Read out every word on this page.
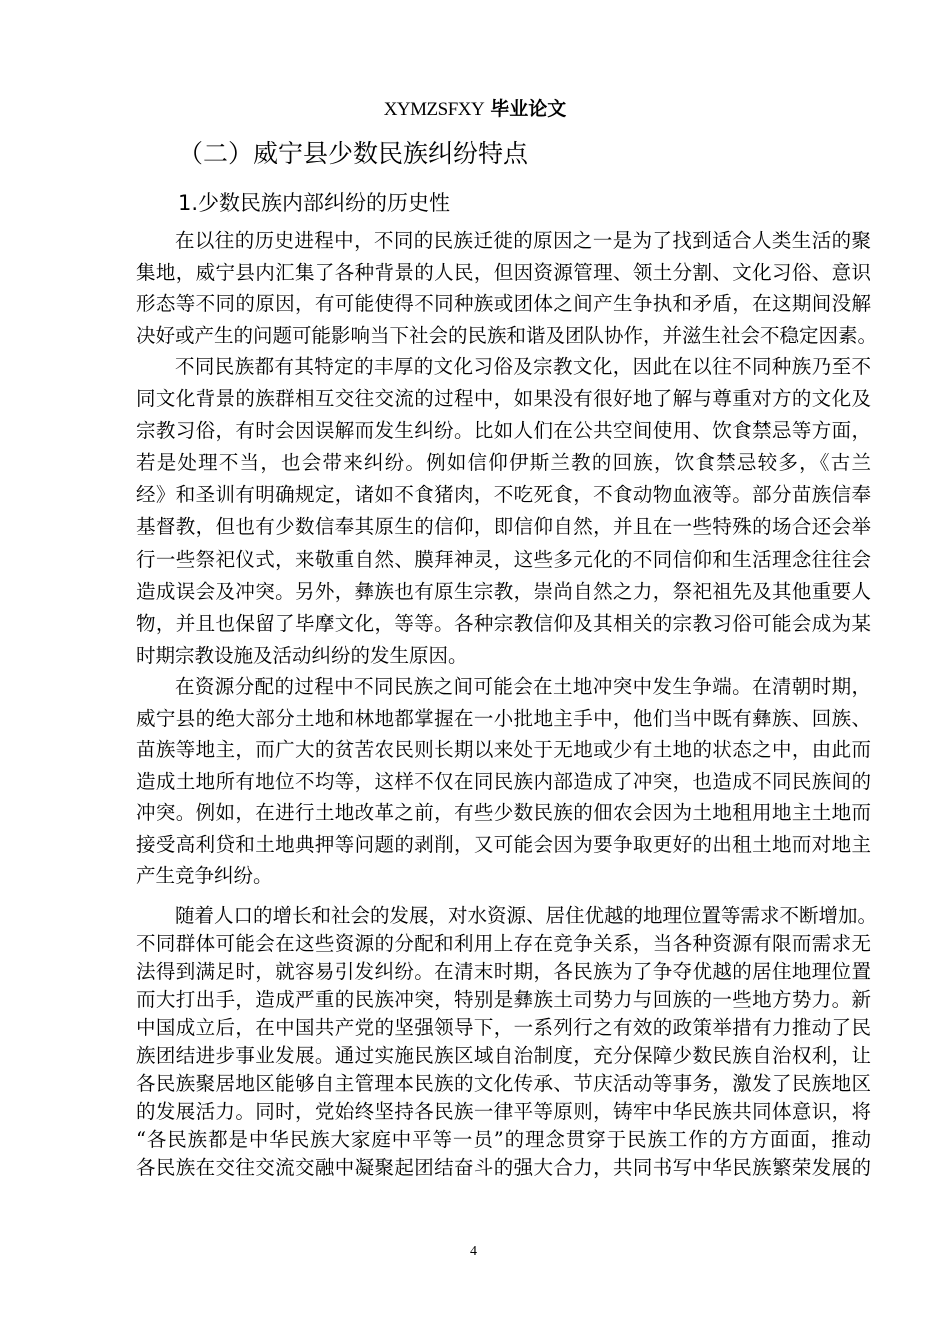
XYMZSFXY 毕业论文
（二）威宁县少数民族纠纷特点
1.少数民族内部纠纷的历史性
在以往的历史进程中，不同的民族迁徙的原因之一是为了找到适合人类生活的聚
集地，威宁县内汇集了各种背景的人民，但因资源管理、领土分割、文化习俗、意识
形态等不同的原因，有可能使得不同种族或团体之间产生争执和矛盾，在这期间没解
决好或产生的问题可能影响当下社会的民族和谐及团队协作，并滋生社会不稳定因素。
不同民族都有其特定的丰厚的文化习俗及宗教文化，因此在以往不同种族乃至不
同文化背景的族群相互交往交流的过程中，如果没有很好地了解与尊重对方的文化及
宗教习俗，有时会因误解而发生纠纷。比如人们在公共空间使用、饮食禁忌等方面，
若是处理不当，也会带来纠纷。例如信仰伊斯兰教的回族，饮食禁忌较多，《古兰
经》和圣训有明确规定，诸如不食猪肉，不吃死食，不食动物血液等。部分苗族信奉
基督教，但也有少数信奉其原生的信仰，即信仰自然，并且在一些特殊的场合还会举
行一些祭祀仪式，来敬重自然、膜拜神灵，这些多元化的不同信仰和生活理念往往会
造成误会及冲突。另外，彝族也有原生宗教，崇尚自然之力，祭祀祖先及其他重要人
物，并且也保留了毕摩文化，等等。各种宗教信仰及其相关的宗教习俗可能会成为某
时期宗教设施及活动纠纷的发生原因。
在资源分配的过程中不同民族之间可能会在土地冲突中发生争端。在清朝时期，
威宁县的绝大部分土地和林地都掌握在一小批地主手中，他们当中既有彝族、回族、
苗族等地主，而广大的贫苦农民则长期以来处于无地或少有土地的状态之中，由此而
造成土地所有地位不均等，这样不仅在同民族内部造成了冲突，也造成不同民族间的
冲突。例如，在进行土地改革之前，有些少数民族的佃农会因为土地租用地主土地而
接受高利贷和土地典押等问题的剥削，又可能会因为要争取更好的出租土地而对地主
产生竞争纠纷。
随着人口的增长和社会的发展，对水资源、居住优越的地理位置等需求不断增加。
不同群体可能会在这些资源的分配和利用上存在竞争关系，当各种资源有限而需求无
法得到满足时，就容易引发纠纷。在清末时期，各民族为了争夺优越的居住地理位置
而大打出手，造成严重的民族冲突，特别是彝族土司势力与回族的一些地方势力。新
中国成立后，在中国共产党的坚强领导下，一系列行之有效的政策举措有力推动了民
族团结进步事业发展。通过实施民族区域自治制度，充分保障少数民族自治权利，让
各民族聚居地区能够自主管理本民族的文化传承、节庆活动等事务，激发了民族地区
的发展活力。同时，党始终坚持各民族一律平等原则，铸牢中华民族共同体意识，将
“各民族都是中华民族大家庭中平等一员”的理念贯穿于民族工作的方方面面，推动
各民族在交往交流交融中凝聚起团结奋斗的强大合力，共同书写中华民族繁荣发展的
4
